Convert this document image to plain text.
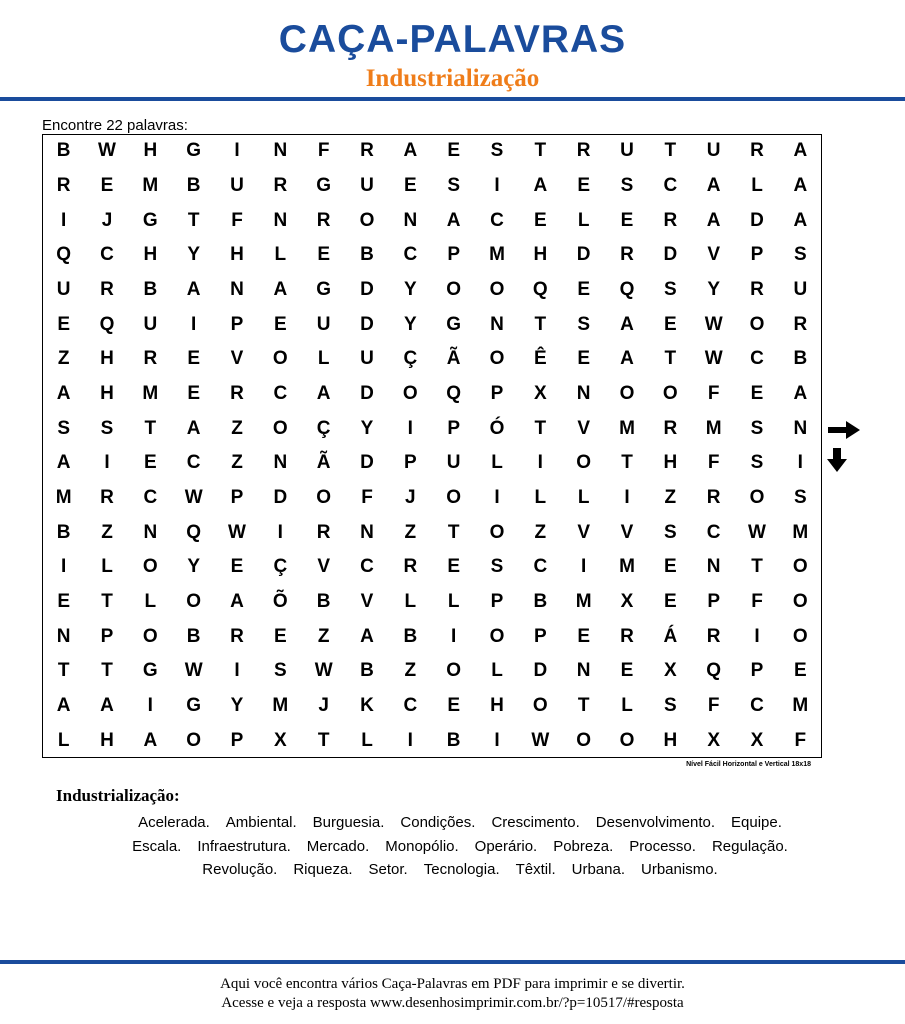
CAÇA-PALAVRAS
Industrialização
Encontre 22 palavras:
B	W	H	G	I	N	F	R	A	E	S	T	R	U	T	U	R	A
R	E	M	B	U	R	G	U	E	S	I	A	E	S	C	A	L	A
I	J	G	T	F	N	R	O	N	A	C	E	L	E	R	A	D	A
Q	C	H	Y	H	L	E	B	C	P	M	H	D	R	D	V	P	S
U	R	B	A	N	A	G	D	Y	O	O	Q	E	Q	S	Y	R	U
E	Q	U	I	P	E	U	D	Y	G	N	T	S	A	E	W	O	R
Z	H	R	E	V	O	L	U	Ç	Ã	O	Ê	E	A	T	W	C	B
A	H	M	E	R	C	A	D	O	Q	P	X	N	O	O	F	E	A
S	S	T	A	Z	O	Ç	Y	I	P	Ó	T	V	M	R	M	S	N
A	I	E	C	Z	N	Ã	D	P	U	L	I	O	T	H	F	S	I
M	R	C	W	P	D	O	F	J	O	I	L	L	I	Z	R	O	S
B	Z	N	Q	W	I	R	N	Z	T	O	Z	V	V	S	C	W	M
I	L	O	Y	E	Ç	V	C	R	E	S	C	I	M	E	N	T	O
E	T	L	O	A	Õ	B	V	L	L	P	B	M	X	E	P	F	O
N	P	O	B	R	E	Z	A	B	I	O	P	E	R	Á	R	I	O
T	T	G	W	I	S	W	B	Z	O	L	D	N	E	X	Q	P	E
A	A	I	G	Y	M	J	K	C	E	H	O	T	L	S	F	C	M
L	H	A	O	P	X	T	L	I	B	I	W	O	O	H	X	X	F
Nível Fácil Horizontal e Vertical 18x18
Industrialização:
Acelerada. Ambiental. Burguesia. Condições. Crescimento. Desenvolvimento. Equipe.
Escala. Infraestrutura. Mercado. Monopólio. Operário. Pobreza. Processo. Regulação.
Revolução. Riqueza. Setor. Tecnologia. Têxtil. Urbana. Urbanismo.
Aqui você encontra vários Caça-Palavras em PDF para imprimir e se divertir.
Acesse e veja a resposta www.desenhosimprimir.com.br/?p=10517/#resposta
